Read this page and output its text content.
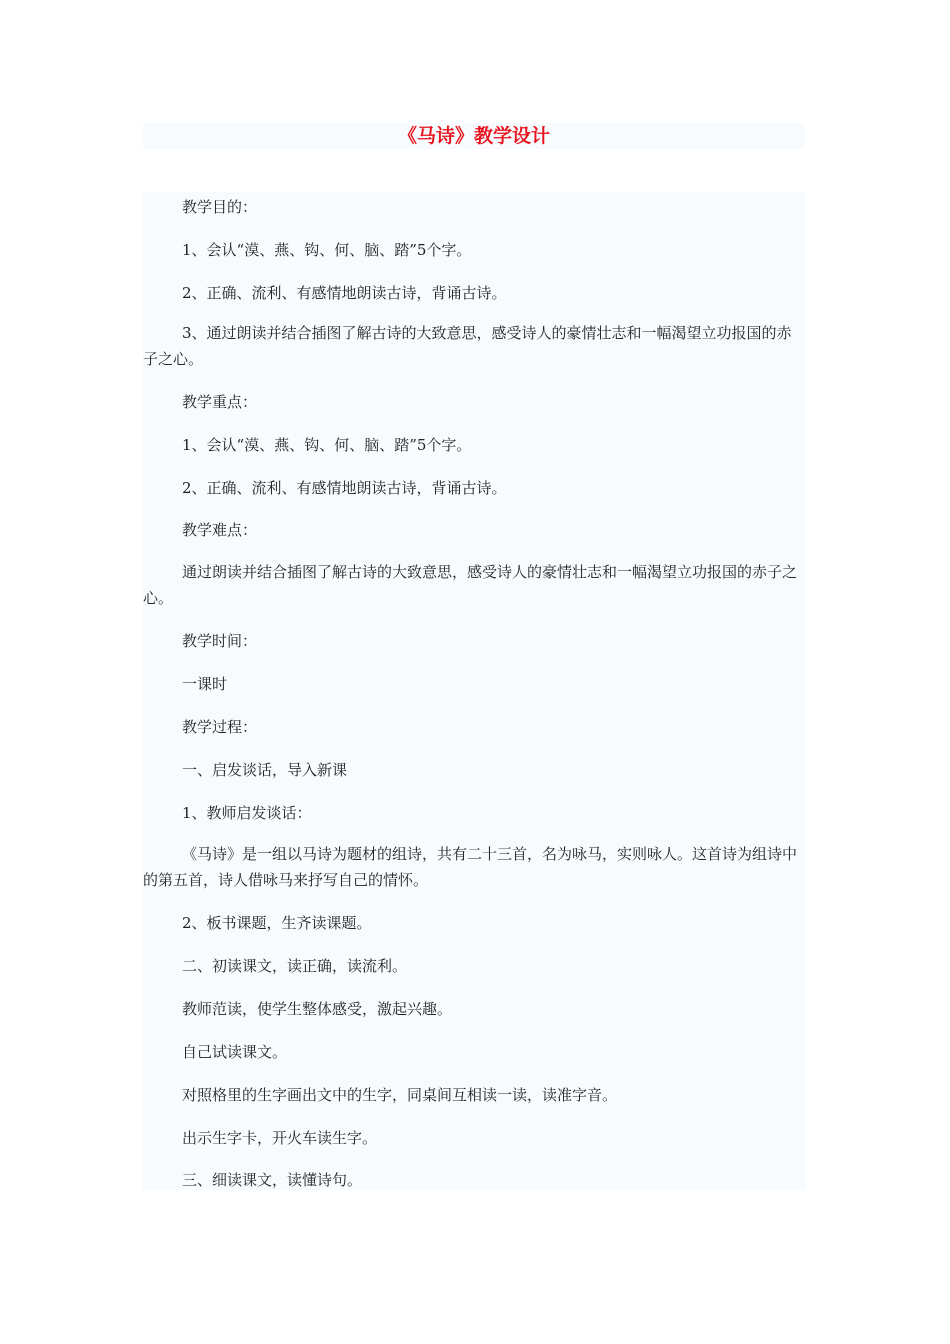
《马诗》教学设计

教学目的：

1、会认“漠、燕、钩、何、脑、踏”5个字。

2、正确、流利、有感情地朗读古诗，背诵古诗。

3、通过朗读并结合插图了解古诗的大致意思，感受诗人的豪情壮志和一幅渴望立功报国的赤子之心。

教学重点：

1、会认“漠、燕、钩、何、脑、踏”5个字。

2、正确、流利、有感情地朗读古诗，背诵古诗。

教学难点：

通过朗读并结合插图了解古诗的大致意思，感受诗人的豪情壮志和一幅渴望立功报国的赤子之心。

教学时间：

一课时

教学过程：

一、启发谈话，导入新课

1、教师启发谈话：

《马诗》是一组以马诗为题材的组诗，共有二十三首，名为咏马，实则咏人。这首诗为组诗中的第五首，诗人借咏马来抒写自己的情怀。

2、板书课题，生齐读课题。

二、初读课文，读正确，读流利。

教师范读，使学生整体感受，激起兴趣。

自己试读课文。

对照格里的生字画出文中的生字，同桌间互相读一读，读准字音。

出示生字卡，开火车读生字。

三、细读课文，读懂诗句。
